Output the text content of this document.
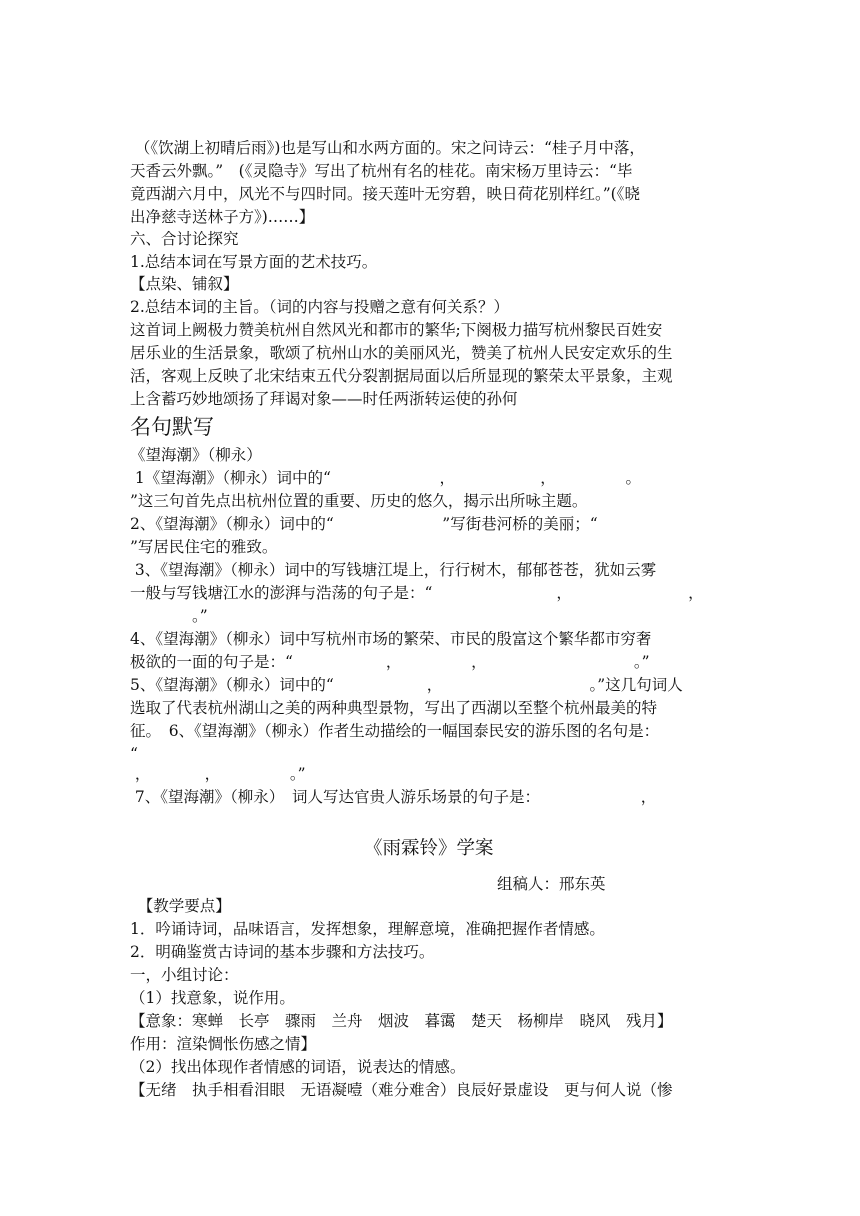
（《饮湖上初晴后雨》)也是写山和水两方面的。宋之问诗云：“桂子月中落，
天香云外飘。”　(《灵隐寺》写出了杭州有名的桂花。南宋杨万里诗云：“毕
竟西湖六月中，风光不与四时同。接天莲叶无穷碧，映日荷花别样红。”(《晓
出净慈寺送林子方》)……】
六、合讨论探究
1.总结本词在写景方面的艺术技巧。
【点染、铺叙】
2.总结本词的主旨。（词的内容与投赠之意有何关系？）
这首词上阙极力赞美杭州自然风光和都市的繁华;下阕极力描写杭州黎民百姓安
居乐业的生活景象，歌颂了杭州山水的美丽风光，赞美了杭州人民安定欢乐的生
活，客观上反映了北宋结束五代分裂割据局面以后所显现的繁荣太平景象，主观
上含蓄巧妙地颂扬了拜谒对象——时任两浙转运使的孙何
名句默写
《望海潮》（柳永）
1《望海潮》（柳永）词中的“　　　　　　　，　　　　　　，　　　　　。
”这三句首先点出杭州位置的重要、历史的悠久，揭示出所咏主题。
2、《望海潮》（柳永）词中的“　　　　　　　”写街巷河桥的美丽；“
”写居民住宅的雅致。
3、《望海潮》（柳永）词中的写钱塘江堤上，行行树木，郁郁苍苍，犹如云雾
一般与写钱塘江水的澎湃与浩荡的句子是：“　　　　　　　　，　　　　　　　　，
　　　　。”
4、《望海潮》（柳永）词中写杭州市场的繁荣、市民的殷富这个繁华都市穷奢
极欲的一面的句子是：“　　　　　　，　　　　　，　　　　　　　　　　。”
5、《望海潮》（柳永）词中的“　　　　　　，　　　　　　　　　　。”这几句词人
选取了代表杭州湖山之美的两种典型景物，写出了西湖以至整个杭州最美的特
征。　6、《望海潮》（柳永）作者生动描绘的一幅国泰民安的游乐图的名句是：
“
，　　　　，　　　　　。”
7、《望海潮》（柳永）　词人写达官贵人游乐场景的句子是：　　　　　　　，
《雨霖铃》学案
组稿人：邢东英
　【教学要点】
1．吟诵诗词，品味语言，发挥想象，理解意境，准确把握作者情感。
2．明确鉴赏古诗词的基本步骤和方法技巧。
一，小组讨论：
（1）找意象，说作用。
【意象：寒蝉　长亭　骤雨　兰舟　烟波　暮霭　楚天　杨柳岸　晓风　残月】
作用：渲染惆怅伤感之情】
（2）找出体现作者情感的词语，说表达的情感。
【无绪　执手相看泪眼　无语凝噎（难分难舍）良辰好景虚设　更与何人说（惨
